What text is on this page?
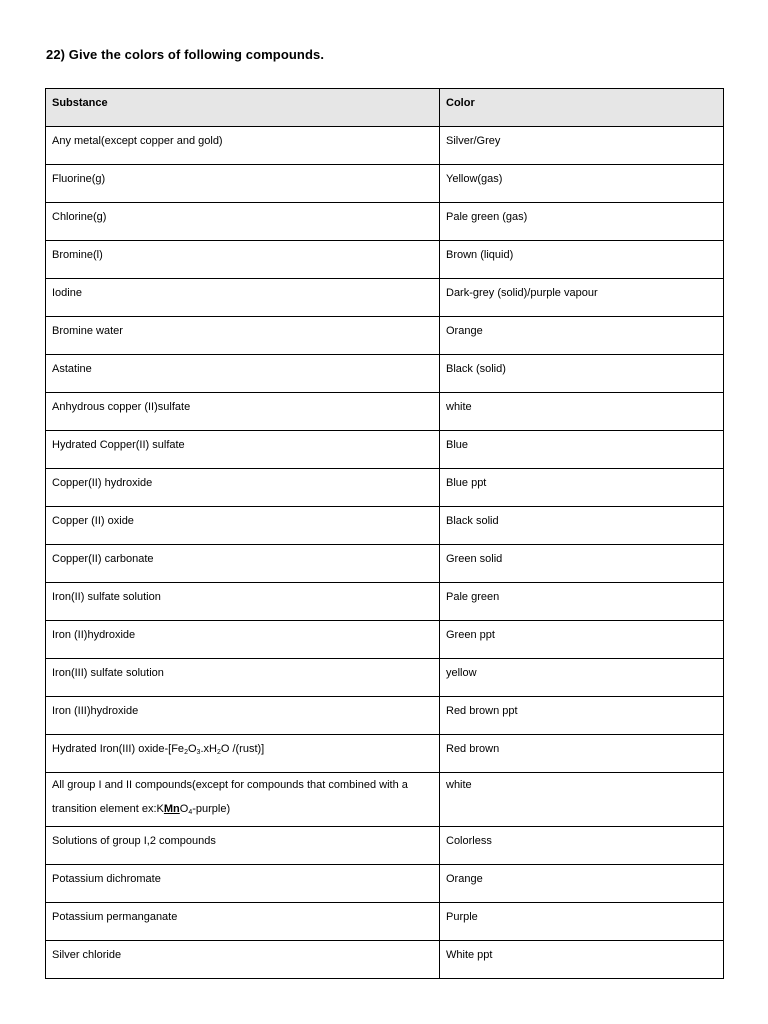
22) Give the colors of following compounds.
Substance	Color
Any metal(except copper and gold)	Silver/Grey
Fluorine(g)	Yellow(gas)
Chlorine(g)	Pale green (gas)
Bromine(l)	Brown (liquid)
Iodine	Dark-grey (solid)/purple vapour
Bromine water	Orange
Astatine	Black (solid)
Anhydrous copper (II)sulfate	white
Hydrated Copper(II) sulfate	Blue
Copper(II) hydroxide	Blue ppt
Copper (II) oxide	Black solid
Copper(II) carbonate	Green solid
Iron(II) sulfate solution	Pale green
Iron (II)hydroxide	Green ppt
Iron(III) sulfate solution	yellow
Iron (III)hydroxide	Red brown ppt
Hydrated Iron(III) oxide-[$Fe_2O_3.xH_2O$ /(rust)]	Red brown
All group I and II compounds(except for compounds that combined with a
transition element ex:KMnO$_4$-purple)	white
Solutions of group I,2 compounds	Colorless
Potassium dichromate	Orange
Potassium permanganate	Purple
Silver chloride	White ppt
